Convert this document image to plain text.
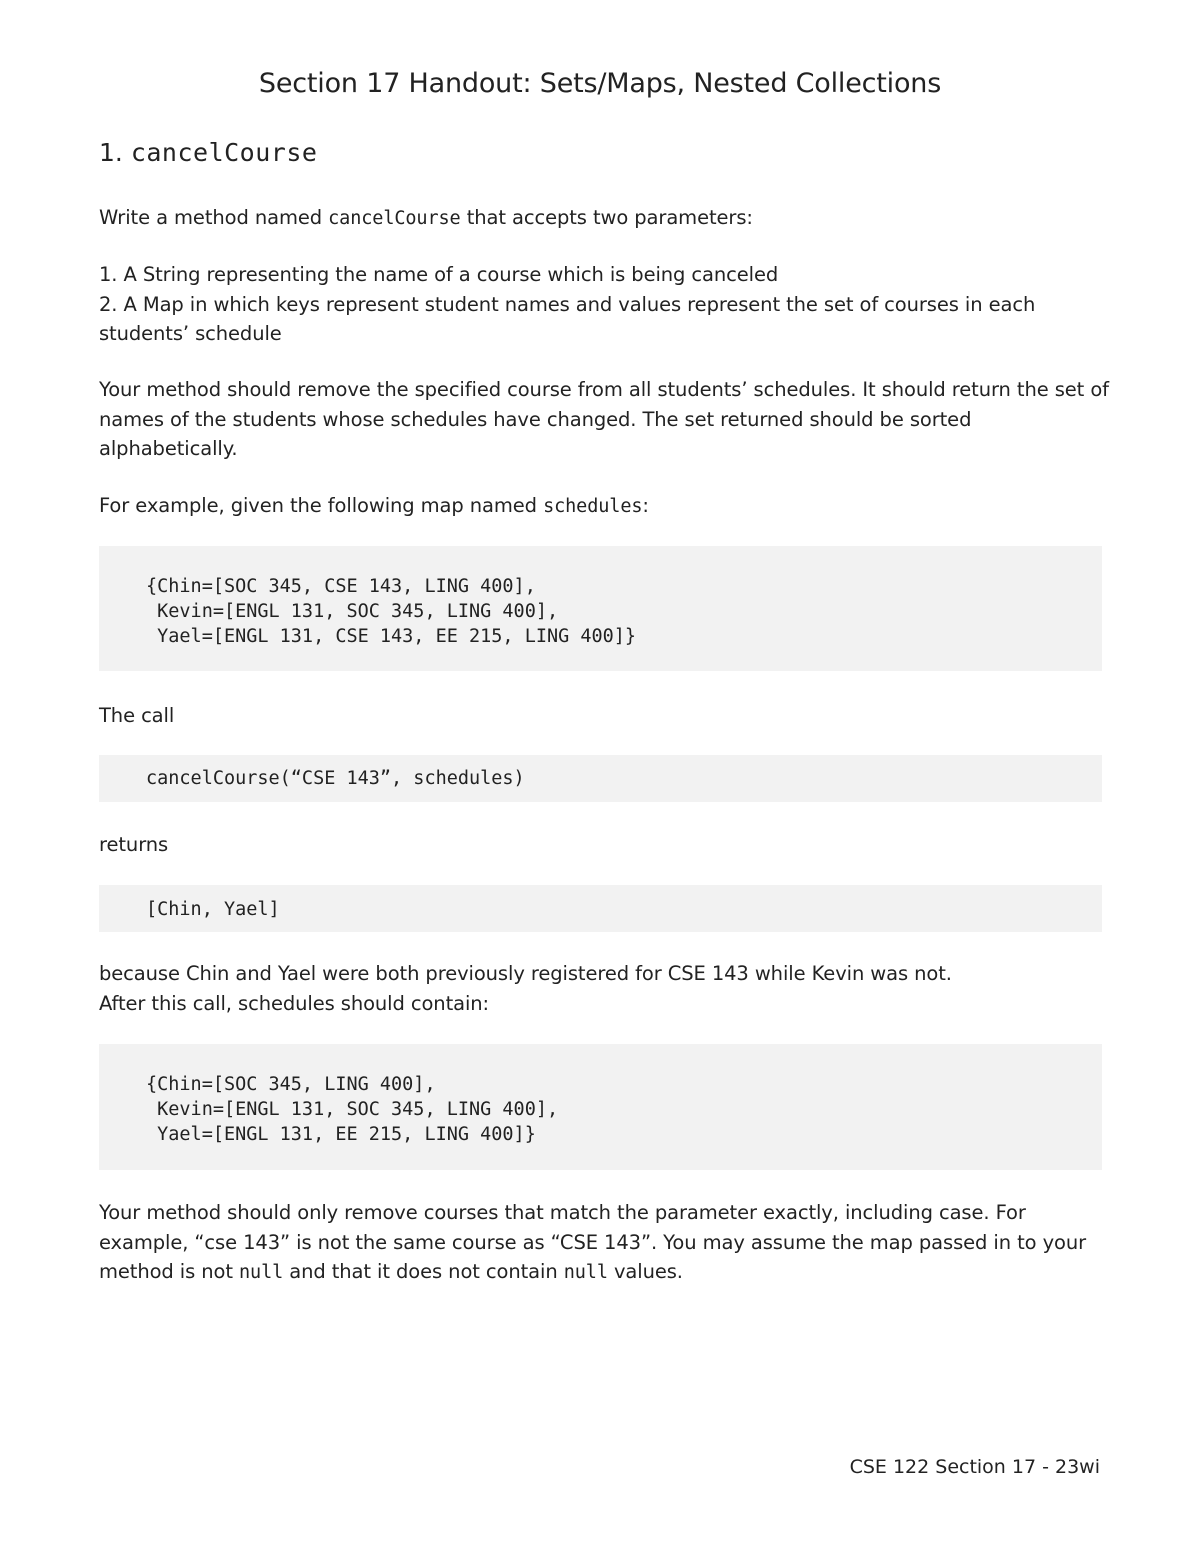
Section 17 Handout: Sets/Maps, Nested Collections
1. cancelCourse

Write a method named cancelCourse that accepts two parameters:

1. A String representing the name of a course which is being canceled
2. A Map in which keys represent student names and values represent the set of courses in each students’ schedule

Your method should remove the specified course from all students’ schedules. It should return the set of names of the students whose schedules have changed. The set returned should be sorted alphabetically.

For example, given the following map named schedules:

{Chin=[SOC 345, CSE 143, LING 400],
Kevin=[ENGL 131, SOC 345, LING 400],
Yael=[ENGL 131, CSE 143, EE 215, LING 400]}

The call

cancelCourse(“CSE 143”, schedules)

returns

[Chin, Yael]

because Chin and Yael were both previously registered for CSE 143 while Kevin was not.
After this call, schedules should contain:

{Chin=[SOC 345, LING 400],
Kevin=[ENGL 131, SOC 345, LING 400],
Yael=[ENGL 131, EE 215, LING 400]}

Your method should only remove courses that match the parameter exactly, including case. For example, “cse 143” is not the same course as “CSE 143”. You may assume the map passed in to your method is not null and that it does not contain null values.

CSE 122 Section 17 - 23wi
